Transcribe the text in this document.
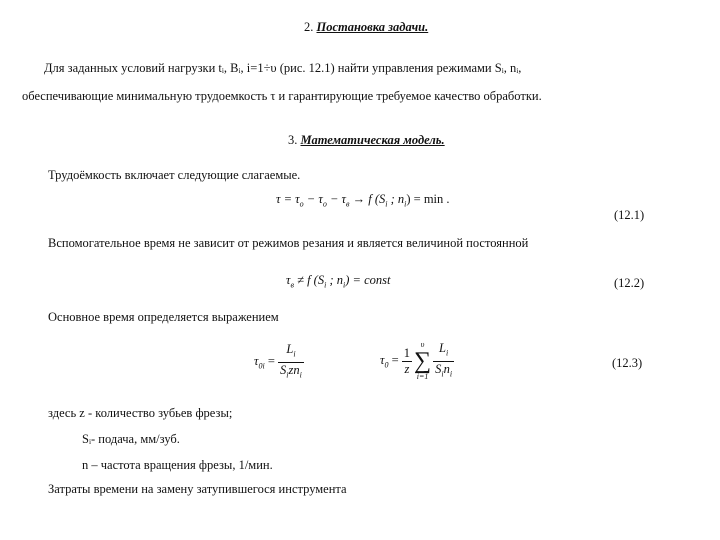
2. Постановка задачи.
Для заданных условий нагрузки tᵢ, Bᵢ, i=1÷υ (рис. 12.1) найти управления режимами Sᵢ, nᵢ,
обеспечивающие минимальную трудоемкость τ и гарантирующие требуемое качество обработки.
3. Математическая модель.
Трудоёмкость включает следующие слагаемые.
$\tau = \tau_o - \tau_o - \tau_в \to f$ ($S_i$ ; $n_i) = \min$ .
(12.1)
Вспомогательное время не зависит от режимов резания и является величиной постоянной
$\tau_в \ne f$ ($S_i$ ; $n_i$) = const	(12.2)
Основное время определяется выражением
$\tau_{0i} = \frac{L_i}{S_izn_i}$	$\tau_0 = \frac{1}{z}$
υ
∑
$i=1 \frac{L_i}{S_in_i}$	(12.3)
здесь z - количество зубьев фрезы;
Sᵢ- подача, мм/зуб.
n – частота вращения фрезы, 1/мин.
Затраты времени на замену затупившегося инструмента
